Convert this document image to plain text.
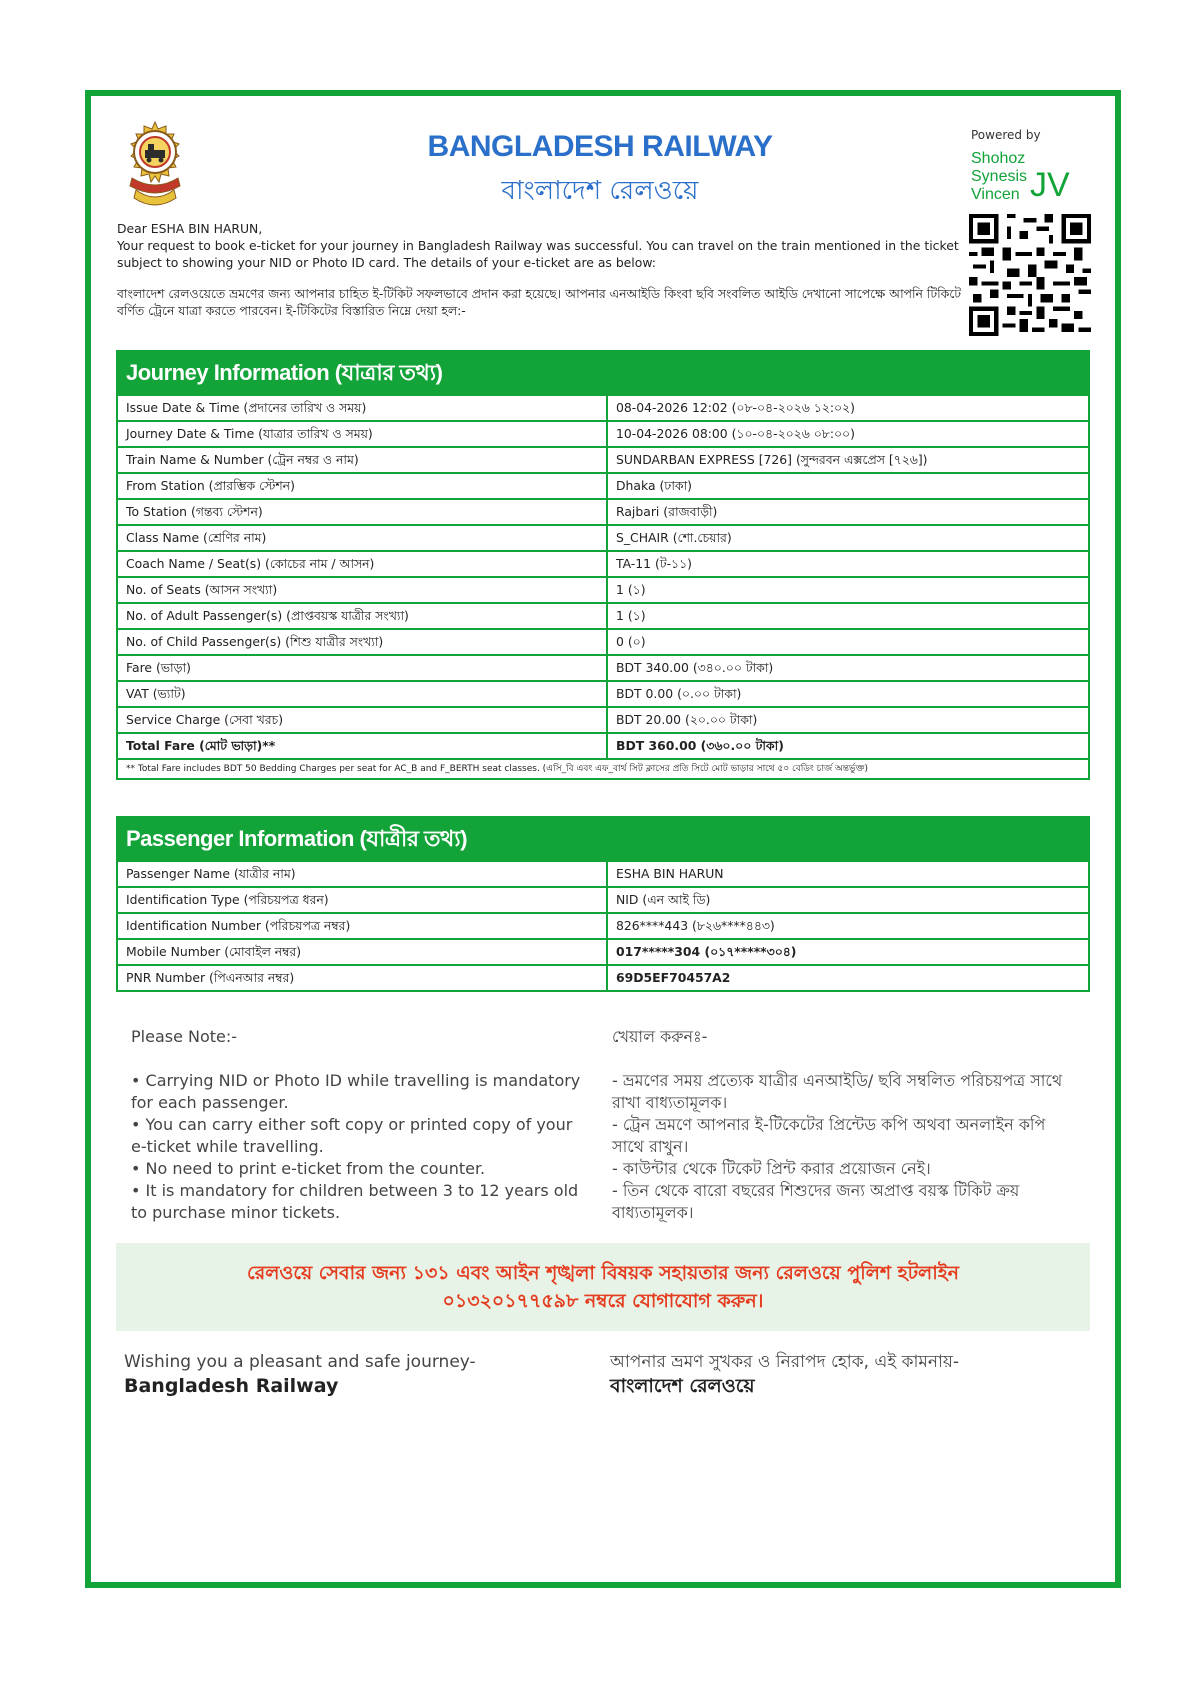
BANGLADESH RAILWAY
বাংলাদেশ রেলওয়ে
Powered by
Shohoz
Synesis
Vincen JV

Dear ESHA BIN HARUN,

Your request to book e-ticket for your journey in Bangladesh Railway was successful. You can travel on the train mentioned in the ticket subject to showing your NID or Photo ID card. The details of your e-ticket are as below:

বাংলাদেশ রেলওয়েতে ভ্রমণের জন্য আপনার চাহিত ই-টিকিট সফলভাবে প্রদান করা হয়েছে। আপনার এনআইডি কিংবা ছবি সংবলিত আইডি দেখানো সাপেক্ষে আপনি টিকিটে বর্ণিত ট্রেনে যাত্রা করতে পারবেন। ই-টিকিটের বিস্তারিত নিম্নে দেয়া হল:-

Journey Information (যাত্রার তথ্য)
Issue Date & Time (প্রদানের তারিখ ও সময়)	08-04-2026 12:02 (০৮-০৪-২০২৬ ১২:০২)
Journey Date & Time (যাত্রার তারিখ ও সময়)	10-04-2026 08:00 (১০-০৪-২০২৬ ০৮:০০)
Train Name & Number (ট্রেন নম্বর ও নাম)	SUNDARBAN EXPRESS [726] (সুন্দরবন এক্সপ্রেস [৭২৬])
From Station (প্রারম্ভিক স্টেশন)	Dhaka (ঢাকা)
To Station (গন্তব্য স্টেশন)	Rajbari (রাজবাড়ী)
Class Name (শ্রেণির নাম)	S_CHAIR (শো.চেয়ার)
Coach Name / Seat(s) (কোচের নাম / আসন)	TA-11 (ট-১১)
No. of Seats (আসন সংখ্যা)	1 (১)
No. of Adult Passenger(s) (প্রাপ্তবয়স্ক যাত্রীর সংখ্যা)	1 (১)
No. of Child Passenger(s) (শিশু যাত্রীর সংখ্যা)	0 (০)
Fare (ভাড়া)	BDT 340.00 (৩৪০.০০ টাকা)
VAT (ভ্যাট)	BDT 0.00 (০.০০ টাকা)
Service Charge (সেবা খরচ)	BDT 20.00 (২০.০০ টাকা)
Total Fare (মোট ভাড়া)**	BDT 360.00 (৩৬০.০০ টাকা)
** Total Fare includes BDT 50 Bedding Charges per seat for AC_B and F_BERTH seat classes. (এসি_বি এবং এফ_বার্থ সিট ক্লাসের প্রতি সিটে মোট ভাড়ার সাথে ৫০ বেডিং চার্জ অন্তর্ভুক্ত)
Passenger Information (যাত্রীর তথ্য)
Passenger Name (যাত্রীর নাম)	ESHA BIN HARUN
Identification Type (পরিচয়পত্র ধরন)	NID (এন আই ডি)
Identification Number (পরিচয়পত্র নম্বর)	826****443 (৮২৬****৪৪৩)
Mobile Number (মোবাইল নম্বর)	017*****304 (০১৭*****৩০৪)
PNR Number (পিএনআর নম্বর)	69D5EF70457A2

Please Note:-

• Carrying NID or Photo ID while travelling is mandatory for each passenger.

• You can carry either soft copy or printed copy of your e-ticket while travelling.

• No need to print e-ticket from the counter.

• It is mandatory for children between 3 to 12 years old to purchase minor tickets.

খেয়াল করুনঃ-

- ভ্রমণের সময় প্রত্যেক যাত্রীর এনআইডি/ ছবি সম্বলিত পরিচয়পত্র সাথে রাখা বাধ্যতামূলক।

- ট্রেন ভ্রমণে আপনার ই-টিকেটের প্রিন্টেড কপি অথবা অনলাইন কপি সাথে রাখুন।

- কাউন্টার থেকে টিকেট প্রিন্ট করার প্রয়োজন নেই।

- তিন থেকে বারো বছরের শিশুদের জন্য অপ্রাপ্ত বয়স্ক টিকিট ক্রয় বাধ্যতামূলক।

রেলওয়ে সেবার জন্য ১৩১ এবং আইন শৃঙ্খলা বিষয়ক সহায়তার জন্য রেলওয়ে পুলিশ হটলাইন ০১৩২০১৭৭৫৯৮ নম্বরে যোগাযোগ করুন।
Wishing you a pleasant and safe journey-
Bangladesh Railway
আপনার ভ্রমণ সুখকর ও নিরাপদ হোক, এই কামনায়-
বাংলাদেশ রেলওয়ে
